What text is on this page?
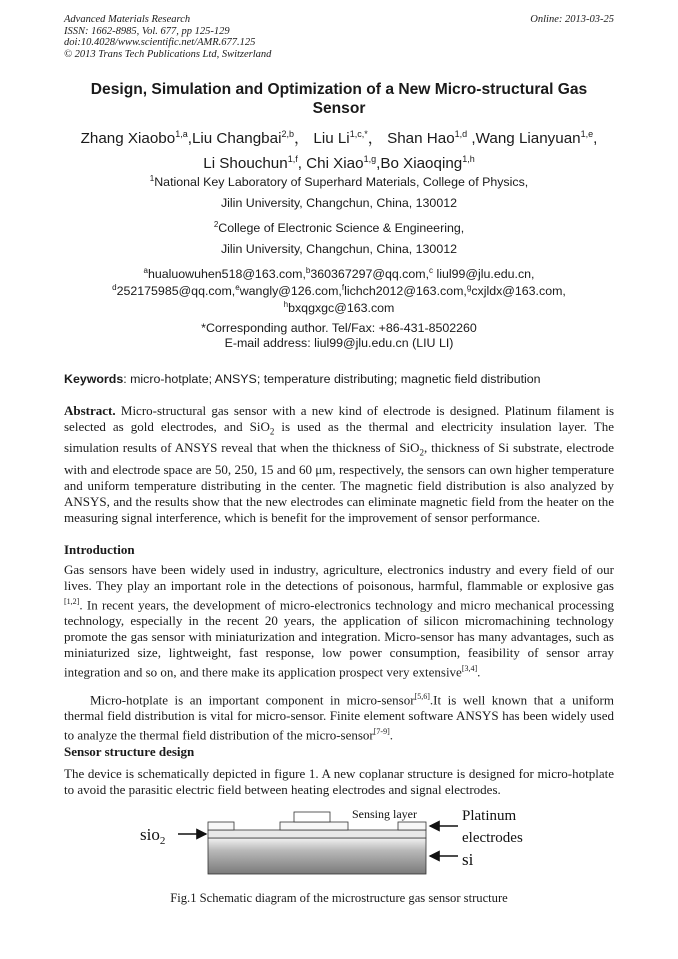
Advanced Materials Research
ISSN: 1662-8985, Vol. 677, pp 125-129
doi:10.4028/www.scientific.net/AMR.677.125
© 2013 Trans Tech Publications Ltd, Switzerland
Online: 2013-03-25
Design, Simulation and Optimization of a New Micro-structural Gas
Sensor
Zhang Xiaobo$^{1,a}$,Liu Changbai$^{2,b}$， Liu $Li^{1,c,*}$， Shan Hao$^{1,d}$ ,Wang Lianyuan$^{1,e}$,
Li Shouchun$^{1,f}$, Chi Xiao$^{1,g}$,Bo Xiaoqing$^{1,h}$
$^1$National Key Laboratory of Superhard Materials, College of Physics,
Jilin University, Changchun, China, 130012
$^2$College of Electronic Science & Engineering,
Jilin University, Changchun, China, 130012
$^a$hualuowuhen518@163.com,$^b$360367297@qq.com,$^c$ liul99@jlu.edu.cn,
$^d$252175985@qq.com,$^e$wangly@126.com,$^f$lichch2012@163.com,$^g$cxjldx@163.com,
$^h$bxqgxgc@163.com
*Corresponding author. Tel/Fax: +86-431-8502260
E-mail address: liul99@jlu.edu.cn (LIU LI)
Keywords: micro-hotplate; ANSYS; temperature distributing; magnetic field distribution
Abstract. Micro-structural gas sensor with a new kind of electrode is designed. Platinum filament is selected as gold electrodes, and SiO$_2$ is used as the thermal and electricity insulation layer. The simulation results of ANSYS reveal that when the thickness of SiO$_2$, thickness of Si substrate, electrode with and electrode space are 50, 250, 15 and 60 μm, respectively, the sensors can own higher temperature and uniform temperature distributing in the center. The magnetic field distribution is also analyzed by ANSYS, and the results show that the new electrodes can eliminate magnetic field from the heater on the measuring signal interference, which is benefit for the improvement of sensor performance.
Introduction
Gas sensors have been widely used in industry, agriculture, electronics industry and every field of our lives. They play an important role in the detections of poisonous, harmful, flammable or explosive gas [1,2]. In recent years, the development of micro-electronics technology and micro mechanical processing technology, especially in the recent 20 years, the application of silicon micromachining technology promote the gas sensor with miniaturization and integration. Micro-sensor has many advantages, such as miniaturized size, lightweight, fast response, low power consumption, feasibility of sensor array integration and so on, and there make its application prospect very extensive[3,4].
Micro-hotplate is an important component in micro-sensor[5,6].It is well known that a uniform thermal field distribution is vital for micro-sensor. Finite element software ANSYS has been widely used to analyze the thermal field distribution of the micro-sensor[7-9].
Sensor structure design
The device is schematically depicted in figure 1. A new coplanar structure is designed for micro-hotplate to avoid the parasitic electric field between heating electrodes and signal electrodes.
Sensing layer	Platinum
electrodes
si
sio$_2$
Fig.1 Schematic diagram of the microstructure gas sensor structure
